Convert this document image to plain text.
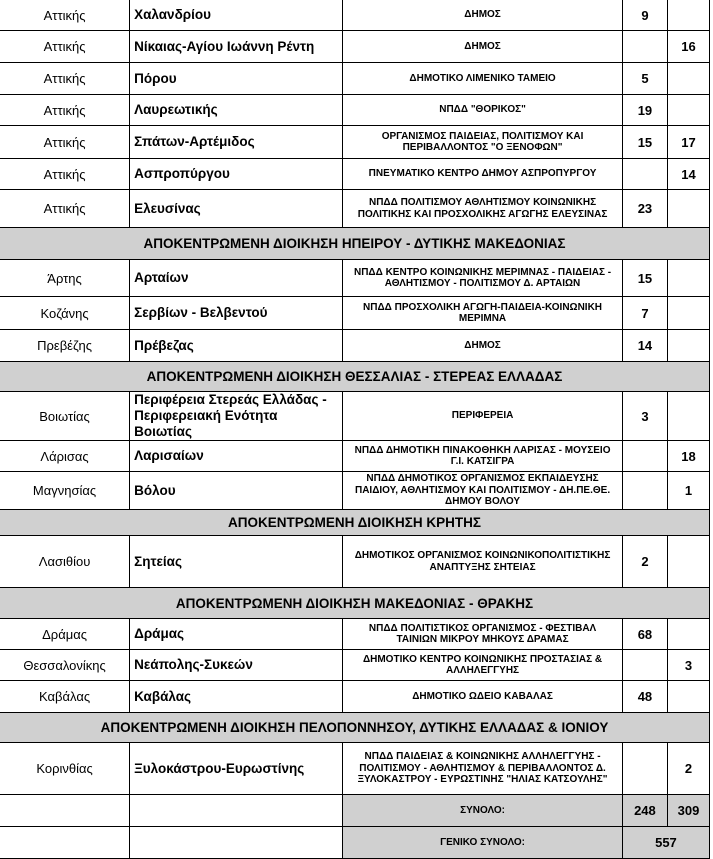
Αττικής	Χαλανδρίου	ΔΗΜΟΣ	9	
Αττικής	Νίκαιας-Αγίου Ιωάννη Ρέντη	ΔΗΜΟΣ		16
Αττικής	Πόρου	ΔΗΜΟΤΙΚΟ ΛΙΜΕΝΙΚΟ ΤΑΜΕΙΟ	5	
Αττικής	Λαυρεωτικής	ΝΠΔΔ "ΘΟΡΙΚΟΣ"	19	
Αττικής	Σπάτων-Αρτέμιδος	ΟΡΓΑΝΙΣΜΟΣ ΠΑΙΔΕΙΑΣ, ΠΟΛΙΤΙΣΜΟΥ ΚΑΙ ΠΕΡΙΒΑΛΛΟΝΤΟΣ "Ο ΞΕΝΟΦΩΝ"	15	17
Αττικής	Ασπροπύργου	ΠΝΕΥΜΑΤΙΚΟ ΚΕΝΤΡΟ ΔΗΜΟΥ ΑΣΠΡΟΠΥΡΓΟΥ		14
Αττικής	Ελευσίνας	ΝΠΔΔ ΠΟΛΙΤΙΣΜΟΥ ΑΘΛΗΤΙΣΜΟΥ ΚΟΙΝΩΝΙΚΗΣ ΠΟΛΙΤΙΚΗΣ ΚΑΙ ΠΡΟΣΧΟΛΙΚΗΣ ΑΓΩΓΗΣ ΕΛΕΥΣΙΝΑΣ	23	
ΑΠΟΚΕΝΤΡΩΜΕΝΗ ΔΙΟΙΚΗΣΗ ΗΠΕΙΡΟΥ - ΔΥΤΙΚΗΣ ΜΑΚΕΔΟΝΙΑΣ				
Άρτης	Αρταίων	ΝΠΔΔ ΚΕΝΤΡΟ ΚΟΙΝΩΝΙΚΗΣ ΜΕΡΙΜΝΑΣ - ΠΑΙΔΕΙΑΣ - ΑΘΛΗΤΙΣΜΟΥ - ΠΟΛΙΤΙΣΜΟΥ Δ. ΑΡΤΑΙΩΝ	15	
Κοζάνης	Σερβίων - Βελβεντού	ΝΠΔΔ ΠΡΟΣΧΟΛΙΚΗ ΑΓΩΓΗ-ΠΑΙΔΕΙΑ-ΚΟΙΝΩΝΙΚΗ ΜΕΡΙΜΝΑ	7	
Πρεβέζης	Πρέβεζας	ΔΗΜΟΣ	14	
ΑΠΟΚΕΝΤΡΩΜΕΝΗ ΔΙΟΙΚΗΣΗ ΘΕΣΣΑΛΙΑΣ - ΣΤΕΡΕΑΣ ΕΛΛΑΔΑΣ				
Βοιωτίας	Περιφέρεια Στερεάς Ελλάδας - Περιφερειακή Ενότητα Βοιωτίας	ΠΕΡΙΦΕΡΕΙΑ	3	
Λάρισας	Λαρισαίων	ΝΠΔΔ ΔΗΜΟΤΙΚΗ ΠΙΝΑΚΟΘΗΚΗ ΛΑΡΙΣΑΣ - ΜΟΥΣΕΙΟ Γ.Ι. ΚΑΤΣΙΓΡΑ		18
Μαγνησίας	Βόλου	ΝΠΔΔ ΔΗΜΟΤΙΚΟΣ ΟΡΓΑΝΙΣΜΟΣ ΕΚΠΑΙΔΕΥΣΗΣ ΠΑΙΔΙΟΥ, ΑΘΛΗΤΙΣΜΟΥ ΚΑΙ ΠΟΛΙΤΙΣΜΟΥ - ΔΗ.ΠΕ.ΘΕ. ΔΗΜΟΥ ΒΟΛΟΥ		1
ΑΠΟΚΕΝΤΡΩΜΕΝΗ ΔΙΟΙΚΗΣΗ ΚΡΗΤΗΣ				
Λασιθίου	Σητείας	ΔΗΜΟΤΙΚΟΣ ΟΡΓΑΝΙΣΜΟΣ ΚΟΙΝΩΝΙΚΟΠΟΛΙΤΙΣΤΙΚΗΣ ΑΝΑΠΤΥΞΗΣ ΣΗΤΕΙΑΣ	2	
ΑΠΟΚΕΝΤΡΩΜΕΝΗ ΔΙΟΙΚΗΣΗ ΜΑΚΕΔΟΝΙΑΣ - ΘΡΑΚΗΣ				
Δράμας	Δράμας	ΝΠΔΔ ΠΟΛΙΤΙΣΤΙΚΟΣ ΟΡΓΑΝΙΣΜΟΣ - ΦΕΣΤΙΒΑΛ ΤΑΙΝΙΩΝ ΜΙΚΡΟΥ ΜΗΚΟΥΣ ΔΡΑΜΑΣ	68	
Θεσσαλονίκης	Νεάπολης-Συκεών	ΔΗΜΟΤΙΚΟ ΚΕΝΤΡΟ ΚΟΙΝΩΝΙΚΗΣ ΠΡΟΣΤΑΣΙΑΣ & ΑΛΛΗΛΕΓΓΥΗΣ		3
Καβάλας	Καβάλας	ΔΗΜΟΤΙΚΟ ΩΔΕΙΟ ΚΑΒΑΛΑΣ	48	
ΑΠΟΚΕΝΤΡΩΜΕΝΗ ΔΙΟΙΚΗΣΗ ΠΕΛΟΠΟΝΝΗΣΟΥ, ΔΥΤΙΚΗΣ ΕΛΛΑΔΑΣ & ΙΟΝΙΟΥ				
Κορινθίας	Ξυλοκάστρου-Ευρωστίνης	ΝΠΔΔ ΠΑΙΔΕΙΑΣ & ΚΟΙΝΩΝΙΚΗΣ ΑΛΛΗΛΕΓΓΥΗΣ - ΠΟΛΙΤΙΣΜΟΥ - ΑΘΛΗΤΙΣΜΟΥ & ΠΕΡΙΒΑΛΛΟΝΤΟΣ Δ. ΞΥΛΟΚΑΣΤΡΟΥ - ΕΥΡΩΣΤΙΝΗΣ "ΗΛΙΑΣ ΚΑΤΣΟΥΛΗΣ"		2
		ΣΥΝΟΛΟ:	248	309
		ΓΕΝΙΚΟ ΣΥΝΟΛΟ:	557	
